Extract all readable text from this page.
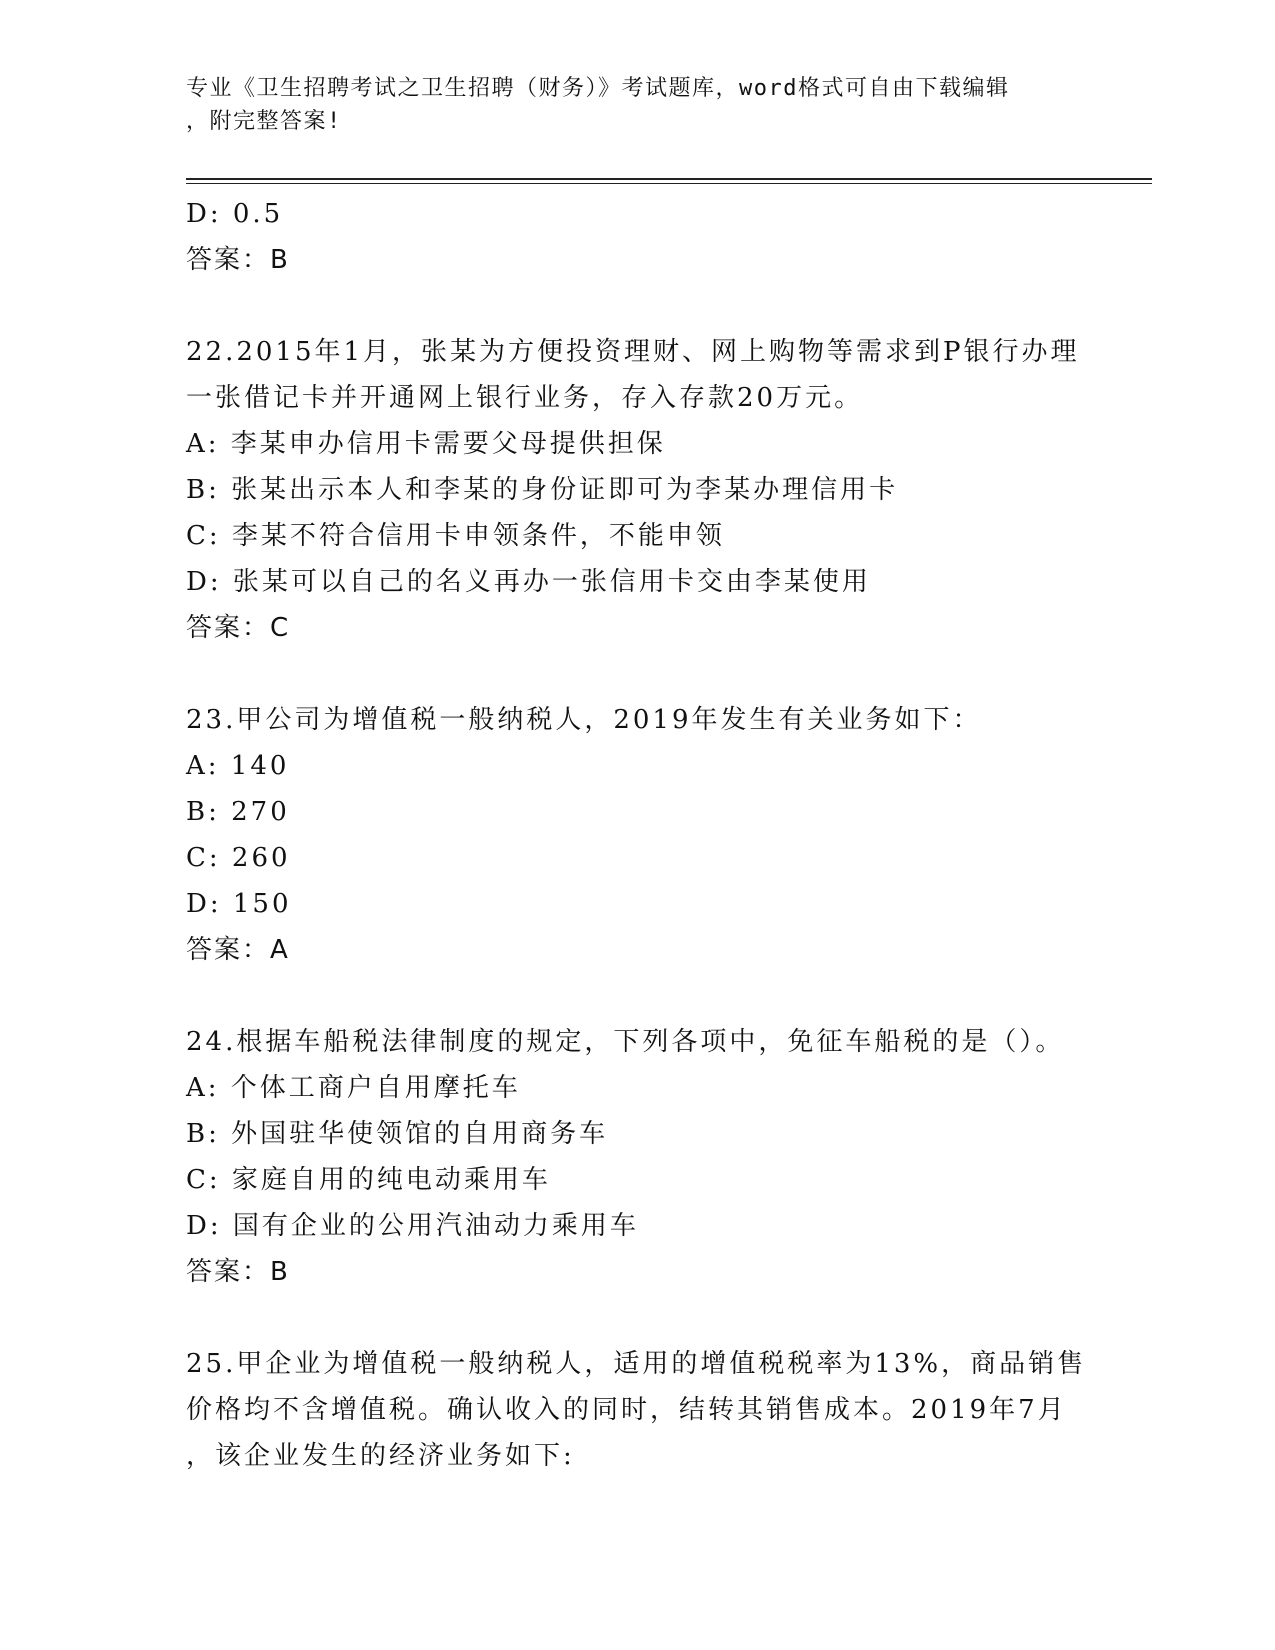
专业《卫生招聘考试之卫生招聘（财务）》考试题库，word格式可自由下载编辑
，附完整答案!
D: 0.5
答案：B
22.2015年1月，张某为方便投资理财、网上购物等需求到P银行办理
一张借记卡并开通网上银行业务，存入存款20万元。
A: 李某申办信用卡需要父母提供担保
B: 张某出示本人和李某的身份证即可为李某办理信用卡
C: 李某不符合信用卡申领条件，不能申领
D: 张某可以自己的名义再办一张信用卡交由李某使用
答案：C
23.甲公司为增值税一般纳税人，2019年发生有关业务如下：
A: 140
B: 270
C: 260
D: 150
答案：A
24.根据车船税法律制度的规定，下列各项中，免征车船税的是（）。
A: 个体工商户自用摩托车
B: 外国驻华使领馆的自用商务车
C: 家庭自用的纯电动乘用车
D: 国有企业的公用汽油动力乘用车
答案：B
25.甲企业为增值税一般纳税人，适用的增值税税率为13%，商品销售
价格均不含增值税。确认收入的同时，结转其销售成本。2019年7月
，该企业发生的经济业务如下:
